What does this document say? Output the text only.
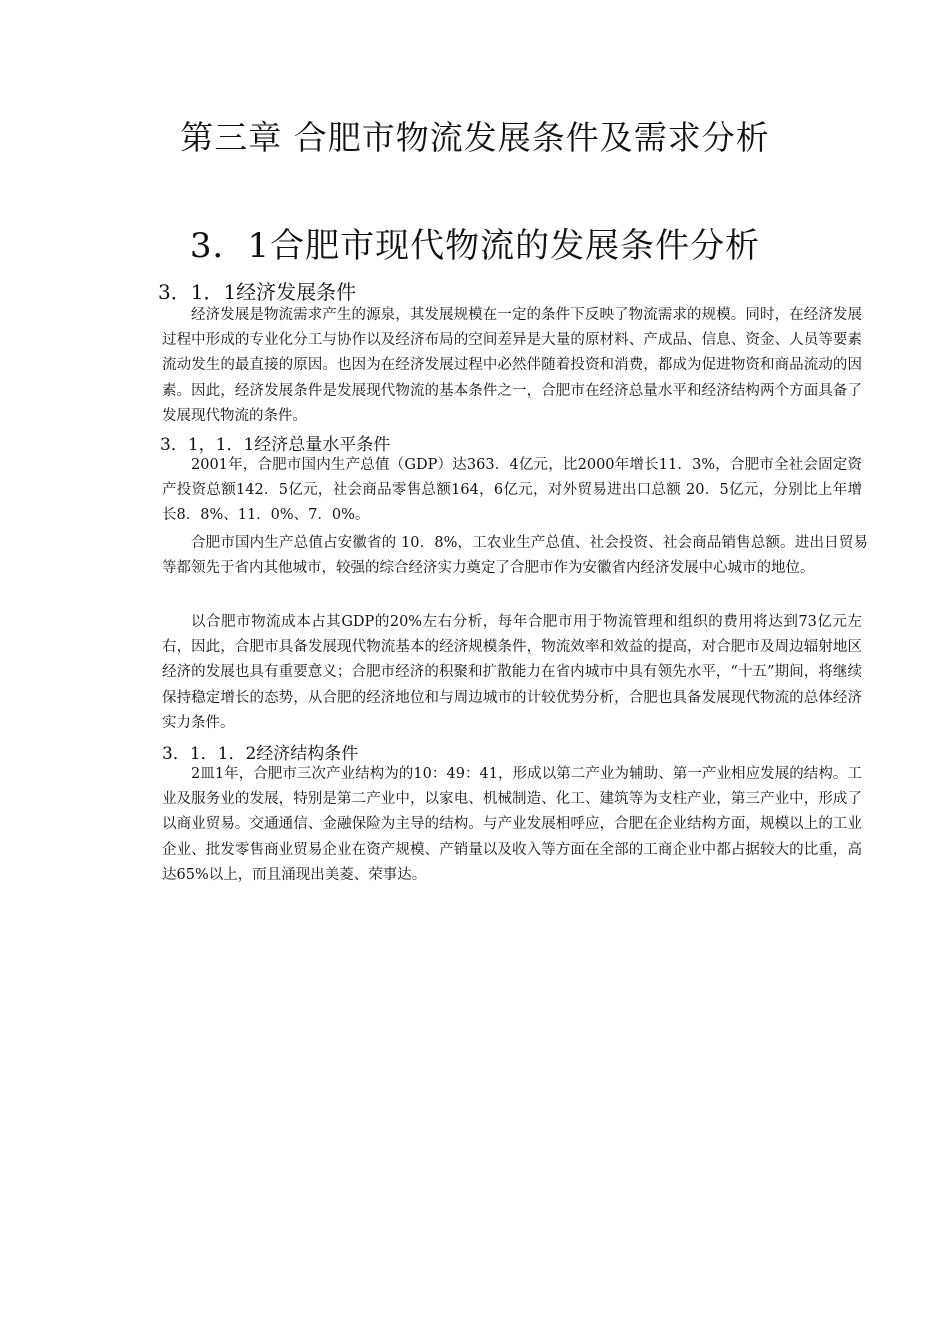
第三章 合肥市物流发展条件及需求分析
3．1合肥市现代物流的发展条件分析
3．1．1经济发展条件

经济发展是物流需求产生的源泉，其发展规模在一定的条件下反映了物流需求的规模。同时，在经济发展过程中形成的专业化分工与协作以及经济布局的空间差异是大量的原材料、产成品、信息、资金、人员等要素流动发生的最直接的原因。也因为在经济发展过程中必然伴随着投资和消费，都成为促进物资和商品流动的因素。因此，经济发展条件是发展现代物流的基本条件之一，合肥市在经济总量水平和经济结构两个方面具备了发展现代物流的条件。

3．1，1．1经济总量水平条件

2001年，合肥市国内生产总值（GDP）达363．4亿元，比2000年增长11．3%，合肥市全社会固定资产投资总额142．5亿元，社会商品零售总额164，6亿元，对外贸易进出口总额 20．5亿元，分别比上年增长8．8%、11．0%、7．0%。

合肥市国内生产总值占安徽省的 10．8%，工农业生产总值、社会投资、社会商品销售总额。进出日贸易等都领先于省内其他城市，较强的综合经济实力奠定了合肥市作为安徽省内经济发展中心城市的地位。

以合肥市物流成本占其GDP的20%左右分析，每年合肥市用于物流管理和组织的费用将达到73亿元左右，因此，合肥市具备发展现代物流基本的经济规模条件，物流效率和效益的提高，对合肥市及周边辐射地区经济的发展也具有重要意义；合肥市经济的积聚和扩散能力在省内城市中具有领先水平，“十五”期间，将继续保持稳定增长的态势，从合肥的经济地位和与周边城市的计较优势分析，合肥也具备发展现代物流的总体经济实力条件。

3．1．1．2经济结构条件

2皿1年，合肥市三次产业结构为的10：49：41，形成以第二产业为辅助、第一产业相应发展的结构。工业及服务业的发展，特别是第二产业中，以家电、机械制造、化工、建筑等为支柱产业，第三产业中，形成了以商业贸易。交通通信、金融保险为主导的结构。与产业发展相呼应，合肥在企业结构方面，规模以上的工业企业、批发零售商业贸易企业在资产规模、产销量以及收入等方面在全部的工商企业中都占据较大的比重，高达65%以上，而且涌现出美菱、荣事达。
